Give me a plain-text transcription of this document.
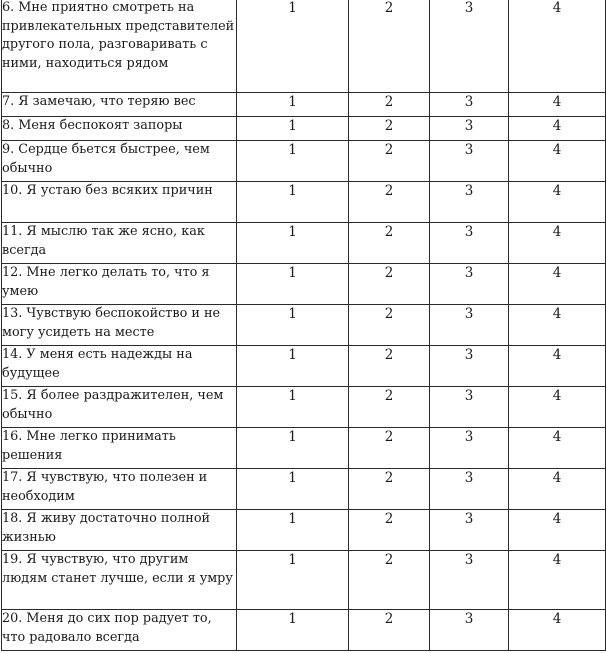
6. Мне приятно смотреть на привлекательных представителей другого пола, разговаривать с ними, находиться рядом	1	2	3	4
7. Я замечаю, что теряю вес	1	2	3	4
8. Меня беспокоят запоры	1	2	3	4
9. Сердце бьется быстрее, чем обычно	1	2	3	4
10. Я устаю без всяких причин	1	2	3	4
11. Я мыслю так же ясно, как всегда	1	2	3	4
12. Мне легко делать то, что я умею	1	2	3	4
13. Чувствую беспокойство и не могу усидеть на месте	1	2	3	4
14. У меня есть надежды на будущее	1	2	3	4
15. Я более раздражителен, чем обычно	1	2	3	4
16. Мне легко принимать решения	1	2	3	4
17. Я чувствую, что полезен и необходим	1	2	3	4
18. Я живу достаточно полной жизнью	1	2	3	4
19. Я чувствую, что другим людям станет лучше, если я умру	1	2	3	4
20. Меня до сих пор радует то, что радовало всегда	1	2	3	4
